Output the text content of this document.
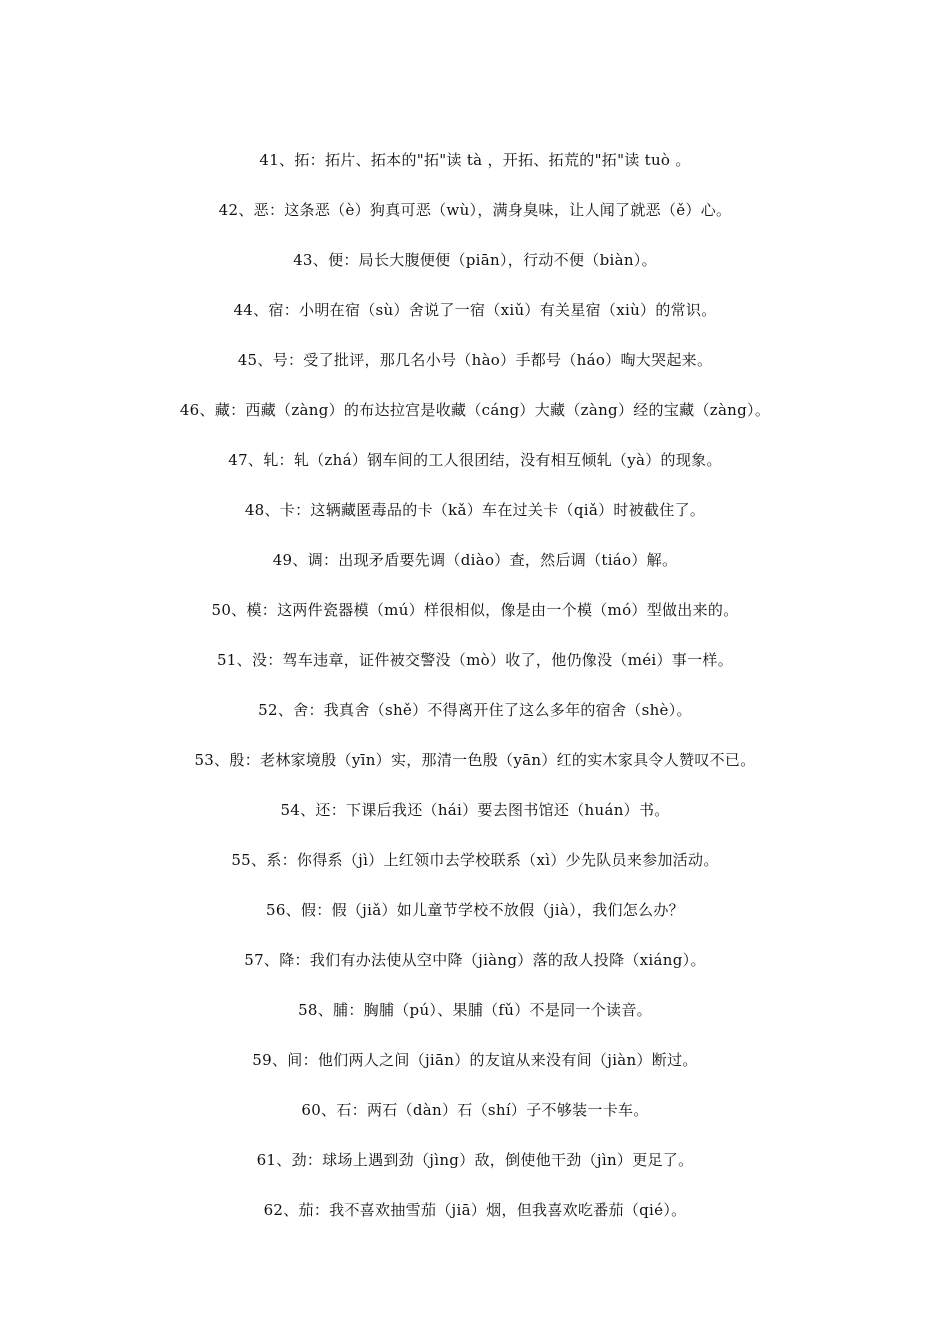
41、拓：拓片、拓本的"拓"读 tà ，开拓、拓荒的"拓"读 tuò 。
42、恶：这条恶（è）狗真可恶（wù），满身臭味，让人闻了就恶（ě）心。
43、便：局长大腹便便（piān），行动不便（biàn）。
44、宿：小明在宿（sù）舍说了一宿（xiǔ）有关星宿（xiù）的常识。
45、号：受了批评，那几名小号（hào）手都号（háo）啕大哭起来。
46、藏：西藏（zàng）的布达拉宫是收藏（cáng）大藏（zàng）经的宝藏（zàng）。
47、轧：轧（zhá）钢车间的工人很团结，没有相互倾轧（yà）的现象。
48、卡：这辆藏匿毒品的卡（kǎ）车在过关卡（qiǎ）时被截住了。
49、调：出现矛盾要先调（diào）查，然后调（tiáo）解。
50、模：这两件瓷器模（mú）样很相似，像是由一个模（mó）型做出来的。
51、没：驾车违章，证件被交警没（mò）收了，他仍像没（méi）事一样。
52、舍：我真舍（shě）不得离开住了这么多年的宿舍（shè）。
53、殷：老林家境殷（yīn）实，那清一色殷（yān）红的实木家具令人赞叹不已。
54、还：下课后我还（hái）要去图书馆还（huán）书。
55、系：你得系（jì）上红领巾去学校联系（xì）少先队员来参加活动。
56、假：假（jiǎ）如儿童节学校不放假（jià），我们怎么办？
57、降：我们有办法使从空中降（jiàng）落的敌人投降（xiáng）。
58、脯：胸脯（pú）、果脯（fǔ）不是同一个读音。
59、间：他们两人之间（jiān）的友谊从来没有间（jiàn）断过。
60、石：两石（dàn）石（shí）子不够装一卡车。
61、劲：球场上遇到劲（jìng）敌，倒使他干劲（jìn）更足了。
62、茄：我不喜欢抽雪茄（jiā）烟，但我喜欢吃番茄（qié）。
